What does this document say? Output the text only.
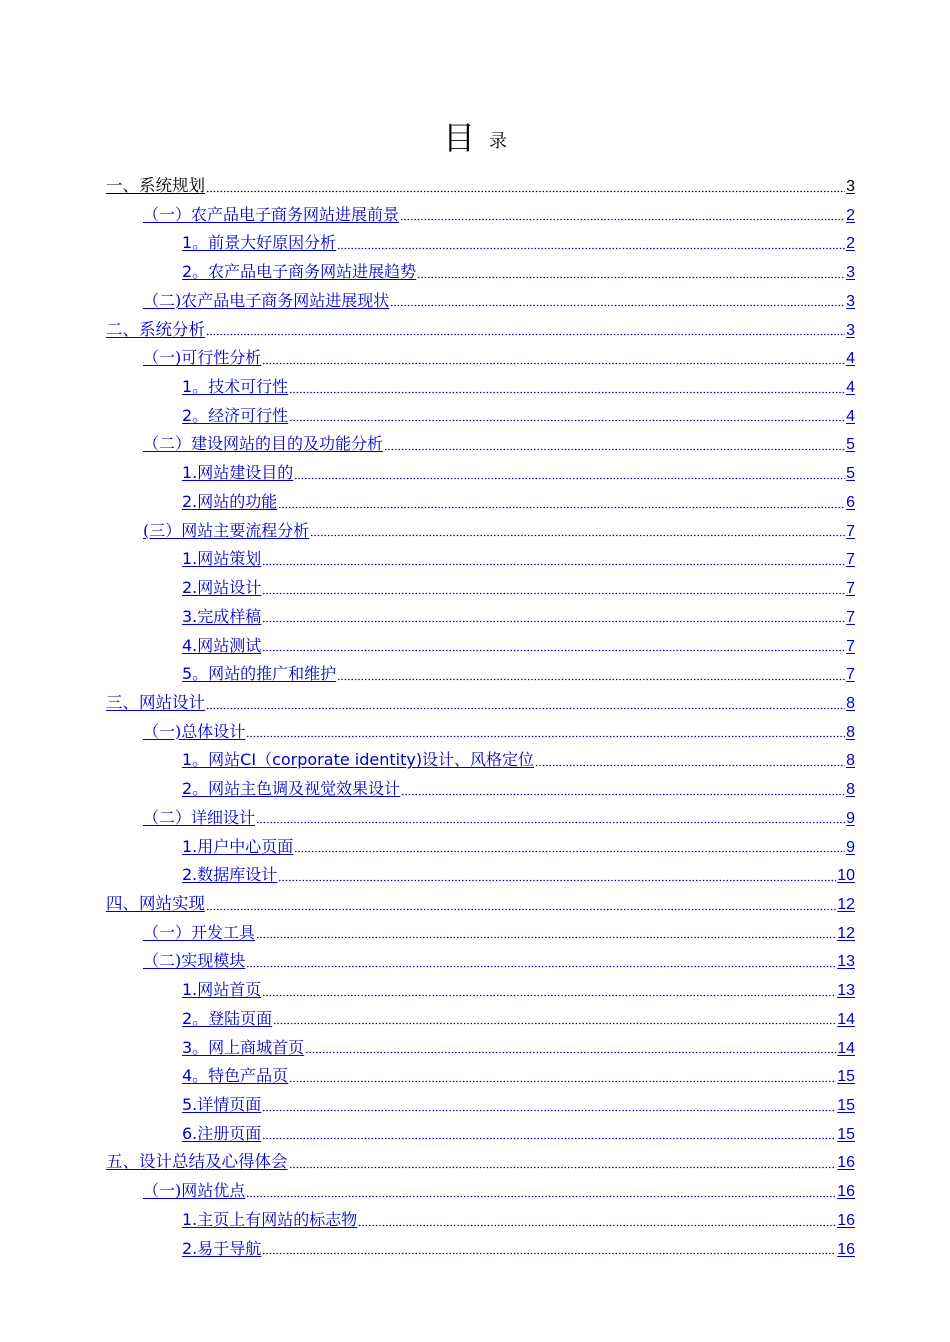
目录
一、系统规划	3
（一）农产品电子商务网站进展前景	2
1。前景大好原因分析	2
2。农产品电子商务网站进展趋势	3
（二)农产品电子商务网站进展现状	3
二、系统分析	3
（一)可行性分析	4
1。技术可行性	4
2。经济可行性	4
（二）建设网站的目的及功能分析	5
1.网站建设目的	5
2.网站的功能	6
(三）网站主要流程分析	7
1.网站策划	7
2.网站设计	7
3.完成样稿	7
4.网站测试	7
5。网站的推广和维护	7
三、网站设计	8
（一)总体设计	8
1。网站CI（corporate identity)设计、风格定位	8
2。网站主色调及视觉效果设计	8
（二）详细设计	9
1.用户中心页面	9
2.数据库设计	10
四、网站实现	12
（一）开发工具	12
（二)实现模块	13
1.网站首页	13
2。登陆页面	14
3。网上商城首页	14
4。特色产品页	15
5.详情页面	15
6.注册页面	15
五、设计总结及心得体会	16
（一)网站优点	16
1.主页上有网站的标志物	16
2.易于导航	16
